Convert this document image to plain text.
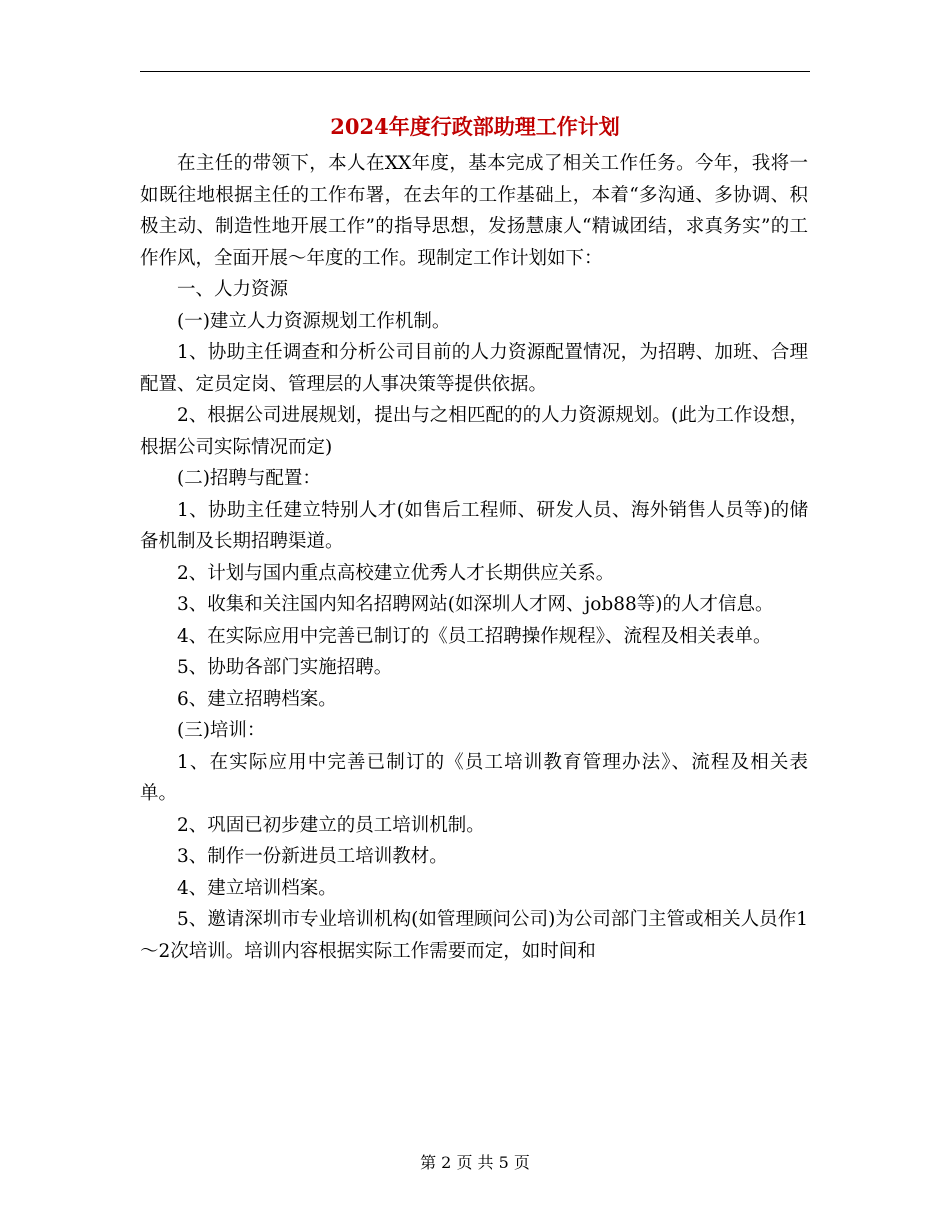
2024年度行政部助理工作计划

在主任的带领下，本人在XX年度，基本完成了相关工作任务。今年，我将一如既往地根据主任的工作布署，在去年的工作基础上，本着“多沟通、多协调、积极主动、制造性地开展工作”的指导思想，发扬慧康人“精诚团结，求真务实”的工作作风，全面开展～年度的工作。现制定工作计划如下：

一、人力资源

(一)建立人力资源规划工作机制。

1、协助主任调查和分析公司目前的人力资源配置情况，为招聘、加班、合理配置、定员定岗、管理层的人事决策等提供依据。

2、根据公司进展规划，提出与之相匹配的的人力资源规划。(此为工作设想，根据公司实际情况而定)

(二)招聘与配置：

1、协助主任建立特别人才(如售后工程师、研发人员、海外销售人员等)的储备机制及长期招聘渠道。

2、计划与国内重点高校建立优秀人才长期供应关系。

3、收集和关注国内知名招聘网站(如深圳人才网、job88等)的人才信息。

4、在实际应用中完善已制订的《员工招聘操作规程》、流程及相关表单。

5、协助各部门实施招聘。

6、建立招聘档案。

(三)培训：

1、在实际应用中完善已制订的《员工培训教育管理办法》、流程及相关表单。

2、巩固已初步建立的员工培训机制。

3、制作一份新进员工培训教材。

4、建立培训档案。

5、邀请深圳市专业培训机构(如管理顾问公司)为公司部门主管或相关人员作1～2次培训。培训内容根据实际工作需要而定，如时间和

第 2 页 共 5 页
